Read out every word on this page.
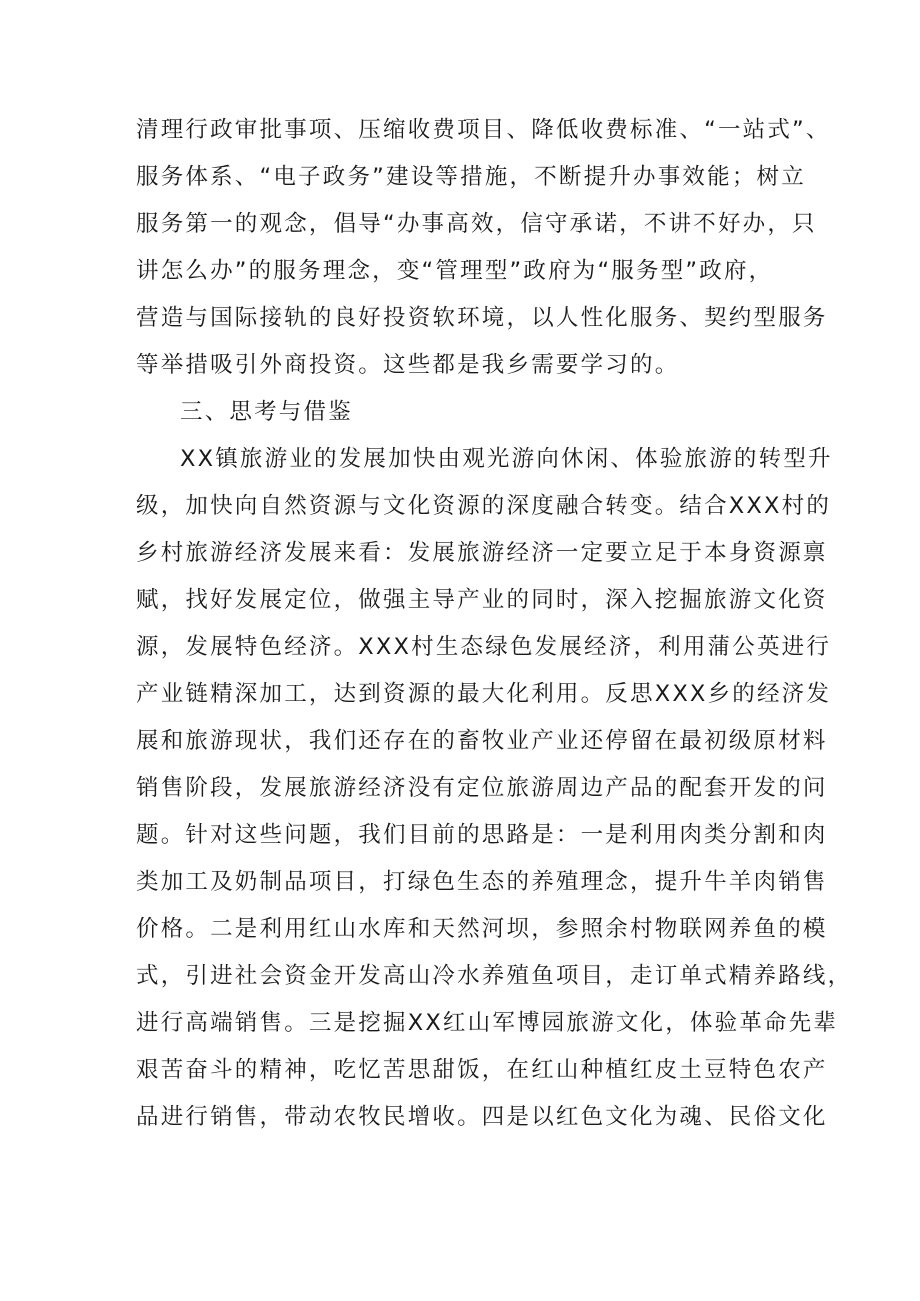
清理行政审批事项、压缩收费项目、降低收费标准、“一站式”、
服务体系、“电子政务”建设等措施，不断提升办事效能；树立
服务第一的观念，倡导“办事高效，信守承诺，不讲不好办，只
讲怎么办”的服务理念，变“管理型”政府为“服务型”政府，
营造与国际接轨的良好投资软环境，以人性化服务、契约型服务
等举措吸引外商投资。这些都是我乡需要学习的。
三、思考与借鉴
XX镇旅游业的发展加快由观光游向休闲、体验旅游的转型升
级，加快向自然资源与文化资源的深度融合转变。结合XXX村的
乡村旅游经济发展来看：发展旅游经济一定要立足于本身资源禀
赋，找好发展定位，做强主导产业的同时，深入挖掘旅游文化资
源，发展特色经济。XXX村生态绿色发展经济，利用蒲公英进行
产业链精深加工，达到资源的最大化利用。反思XXX乡的经济发
展和旅游现状，我们还存在的畜牧业产业还停留在最初级原材料
销售阶段，发展旅游经济没有定位旅游周边产品的配套开发的问
题。针对这些问题，我们目前的思路是：一是利用肉类分割和肉
类加工及奶制品项目，打绿色生态的养殖理念，提升牛羊肉销售
价格。二是利用红山水库和天然河坝，参照余村物联网养鱼的模
式，引进社会资金开发高山冷水养殖鱼项目，走订单式精养路线，
进行高端销售。三是挖掘XX红山军博园旅游文化，体验革命先辈
艰苦奋斗的精神，吃忆苦思甜饭，在红山种植红皮土豆特色农产
品进行销售，带动农牧民增收。四是以红色文化为魂、民俗文化
